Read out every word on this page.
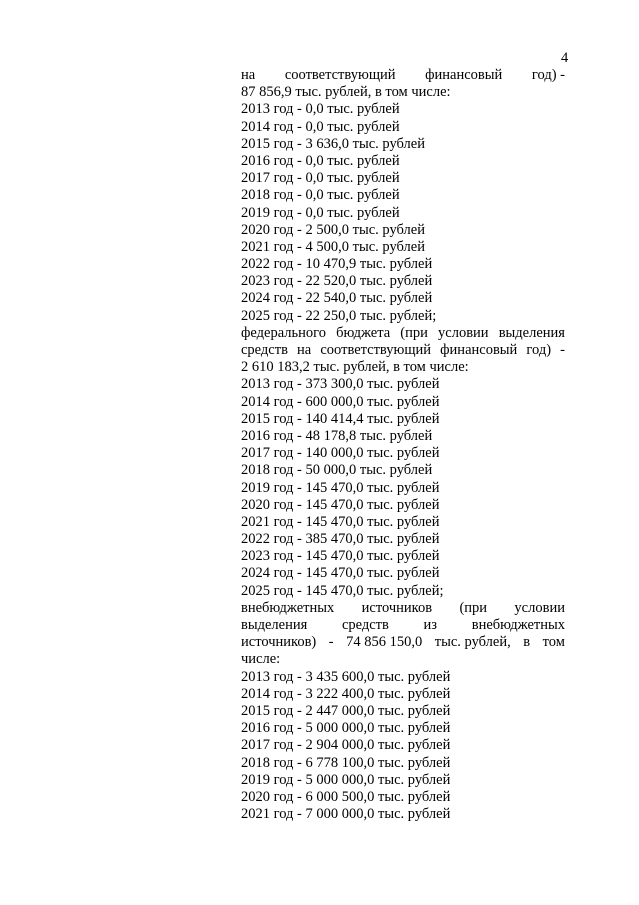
4
на соответствующий финансовый год) -
87 856,9 тыс. рублей, в том числе:
2013 год - 0,0 тыс. рублей
2014 год - 0,0 тыс. рублей
2015 год - 3 636,0 тыс. рублей
2016 год - 0,0 тыс. рублей
2017 год - 0,0 тыс. рублей
2018 год - 0,0 тыс. рублей
2019 год - 0,0 тыс. рублей
2020 год - 2 500,0 тыс. рублей
2021 год - 4 500,0 тыс. рублей
2022 год - 10 470,9 тыс. рублей
2023 год - 22 520,0 тыс. рублей
2024 год - 22 540,0 тыс. рублей
2025 год - 22 250,0 тыс. рублей;
федерального бюджета (при условии выделения
средств на соответствующий финансовый год) -
2 610 183,2 тыс. рублей, в том числе:
2013 год - 373 300,0 тыс. рублей
2014 год - 600 000,0 тыс. рублей
2015 год - 140 414,4 тыс. рублей
2016 год - 48 178,8 тыс. рублей
2017 год - 140 000,0 тыс. рублей
2018 год - 50 000,0 тыс. рублей
2019 год - 145 470,0 тыс. рублей
2020 год - 145 470,0 тыс. рублей
2021 год - 145 470,0 тыс. рублей
2022 год - 385 470,0 тыс. рублей
2023 год - 145 470,0 тыс. рублей
2024 год - 145 470,0 тыс. рублей
2025 год - 145 470,0 тыс. рублей;
внебюджетных источников (при условии
выделения средств из внебюджетных
источников) - 74 856 150,0 тыс. рублей, в том
числе:
2013 год - 3 435 600,0 тыс. рублей
2014 год - 3 222 400,0 тыс. рублей
2015 год - 2 447 000,0 тыс. рублей
2016 год - 5 000 000,0 тыс. рублей
2017 год - 2 904 000,0 тыс. рублей
2018 год - 6 778 100,0 тыс. рублей
2019 год - 5 000 000,0 тыс. рублей
2020 год - 6 000 500,0 тыс. рублей
2021 год - 7 000 000,0 тыс. рублей
